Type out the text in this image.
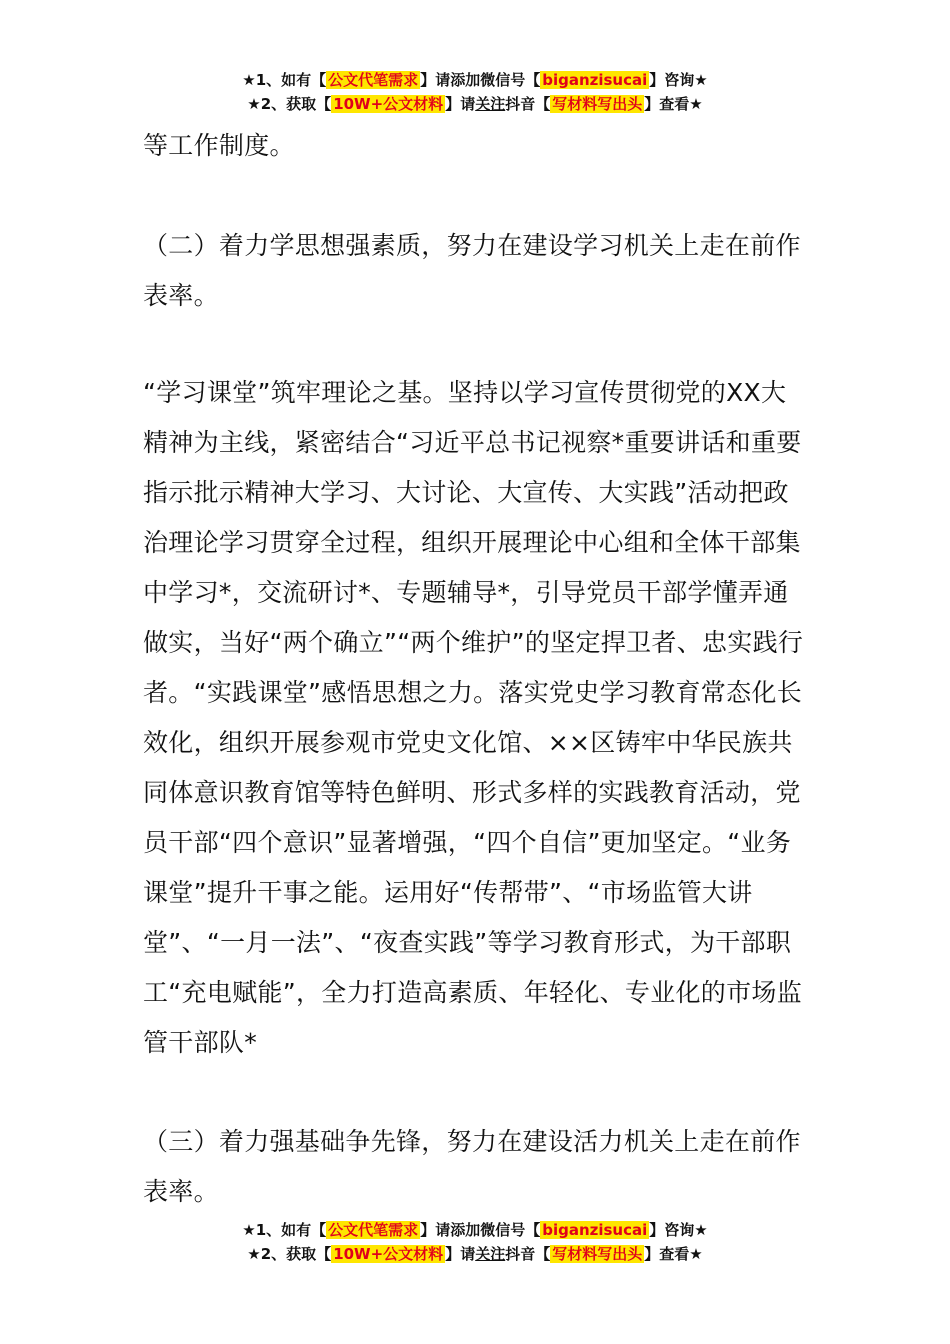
★1、如有【 公文代笔需求 】请添加微信号【 biganzisucai 】咨询★
★2、获取【 10W+公文材料 】请关注抖音【 写材料写出头 】查看★

等工作制度。

（二）着力学思想强素质，努力在建设学习机关上走在前作表率。

“学习课堂”筑牢理论之基。坚持以学习宣传贯彻党的XX大精神为主线，紧密结合“习近平总书记视察*重要讲话和重要指示批示精神大学习、大讨论、大宣传、大实践”活动把政治理论学习贯穿全过程，组织开展理论中心组和全体干部集中学习*，交流研讨*、专题辅导*，引导党员干部学懂弄通做实，当好“两个确立”“两个维护”的坚定捍卫者、忠实践行者。“实践课堂”感悟思想之力。落实党史学习教育常态化长效化，组织开展参观市党史文化馆、××区铸牢中华民族共同体意识教育馆等特色鲜明、形式多样的实践教育活动，党员干部“四个意识”显著增强，“四个自信”更加坚定。“业务课堂”提升干事之能。运用好“传帮带”、“市场监管大讲堂”、“一月一法”、“夜查实践”等学习教育形式，为干部职工“充电赋能”，全力打造高素质、年轻化、专业化的市场监管干部队*

（三）着力强基础争先锋，努力在建设活力机关上走在前作表率。

★1、如有【 公文代笔需求 】请添加微信号【 biganzisucai 】咨询★
★2、获取【 10W+公文材料 】请关注抖音【 写材料写出头 】查看★
